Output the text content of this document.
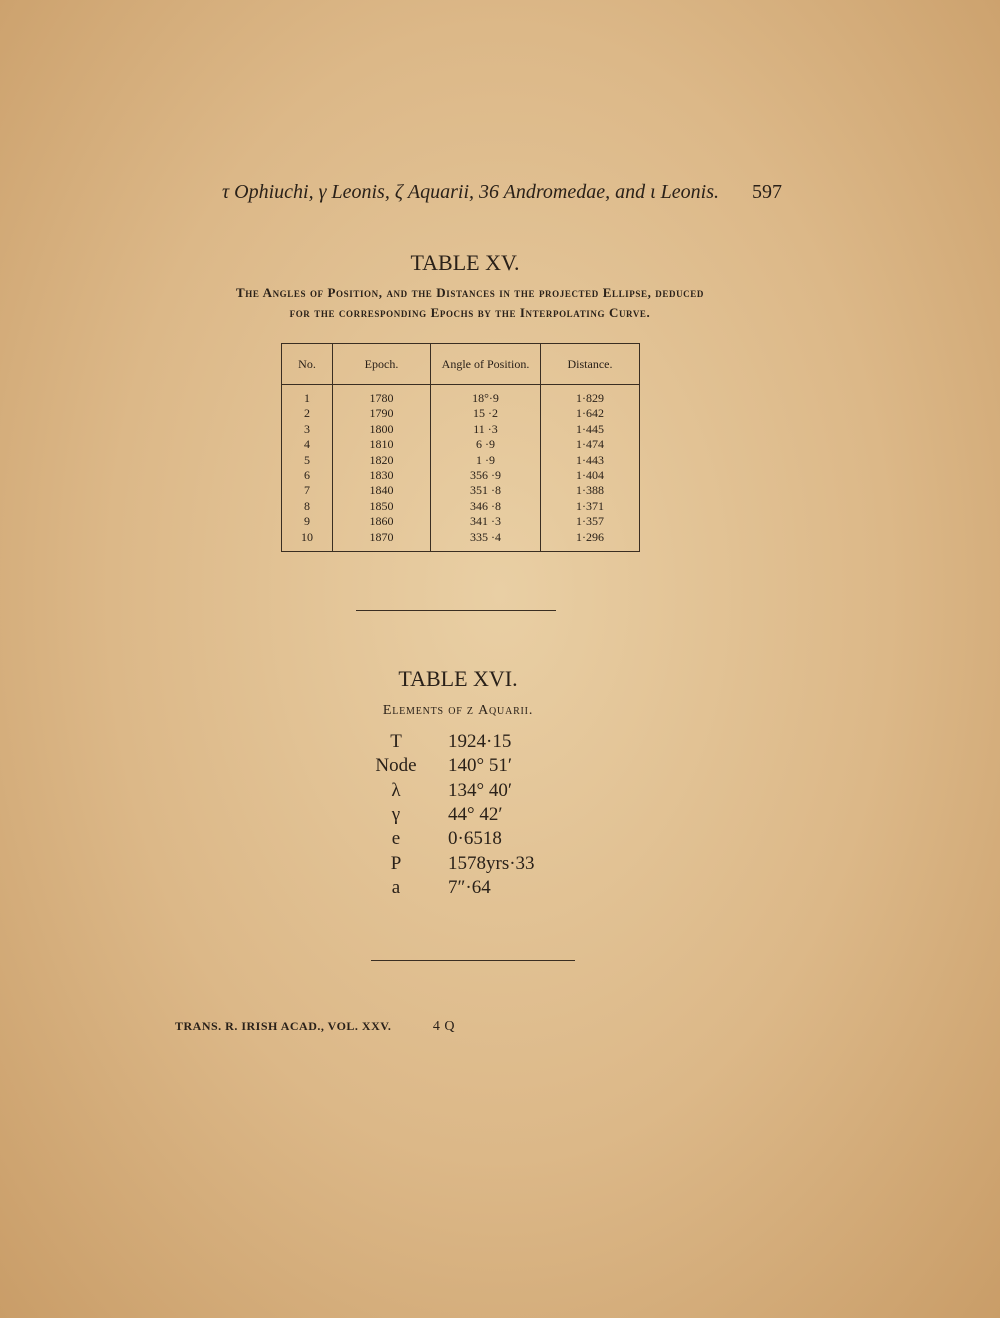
τ Ophiuchi, γ Leonis, ζ Aquarii, 36 Andromedae, and ι Leonis. 597
TABLE XV.
The Angles of Position, and the Distances in the projected Ellipse, deduced
for the corresponding Epochs by the Interpolating Curve.
No.	Epoch.	Angle of Position.	Distance.
1	1780	18°·9	1·829
2	1790	15 ·2	1·642
3	1800	11 ·3	1·445
4	1810	6 ·9	1·474
5	1820	1 ·9	1·443
6	1830	356 ·9	1·404
7	1840	351 ·8	1·388
8	1850	346 ·8	1·371
9	1860	341 ·3	1·357
10	1870	335 ·4	1·296
TABLE XVI.
Elements of ζ Aquarii.
T	1924·15
Node	140° 51′
λ	134° 40′
γ	44° 42′
e	0·6518
P	1578yrs·33
a	7″·64
TRANS. R. IRISH ACAD., VOL. XXV.	4 Q
